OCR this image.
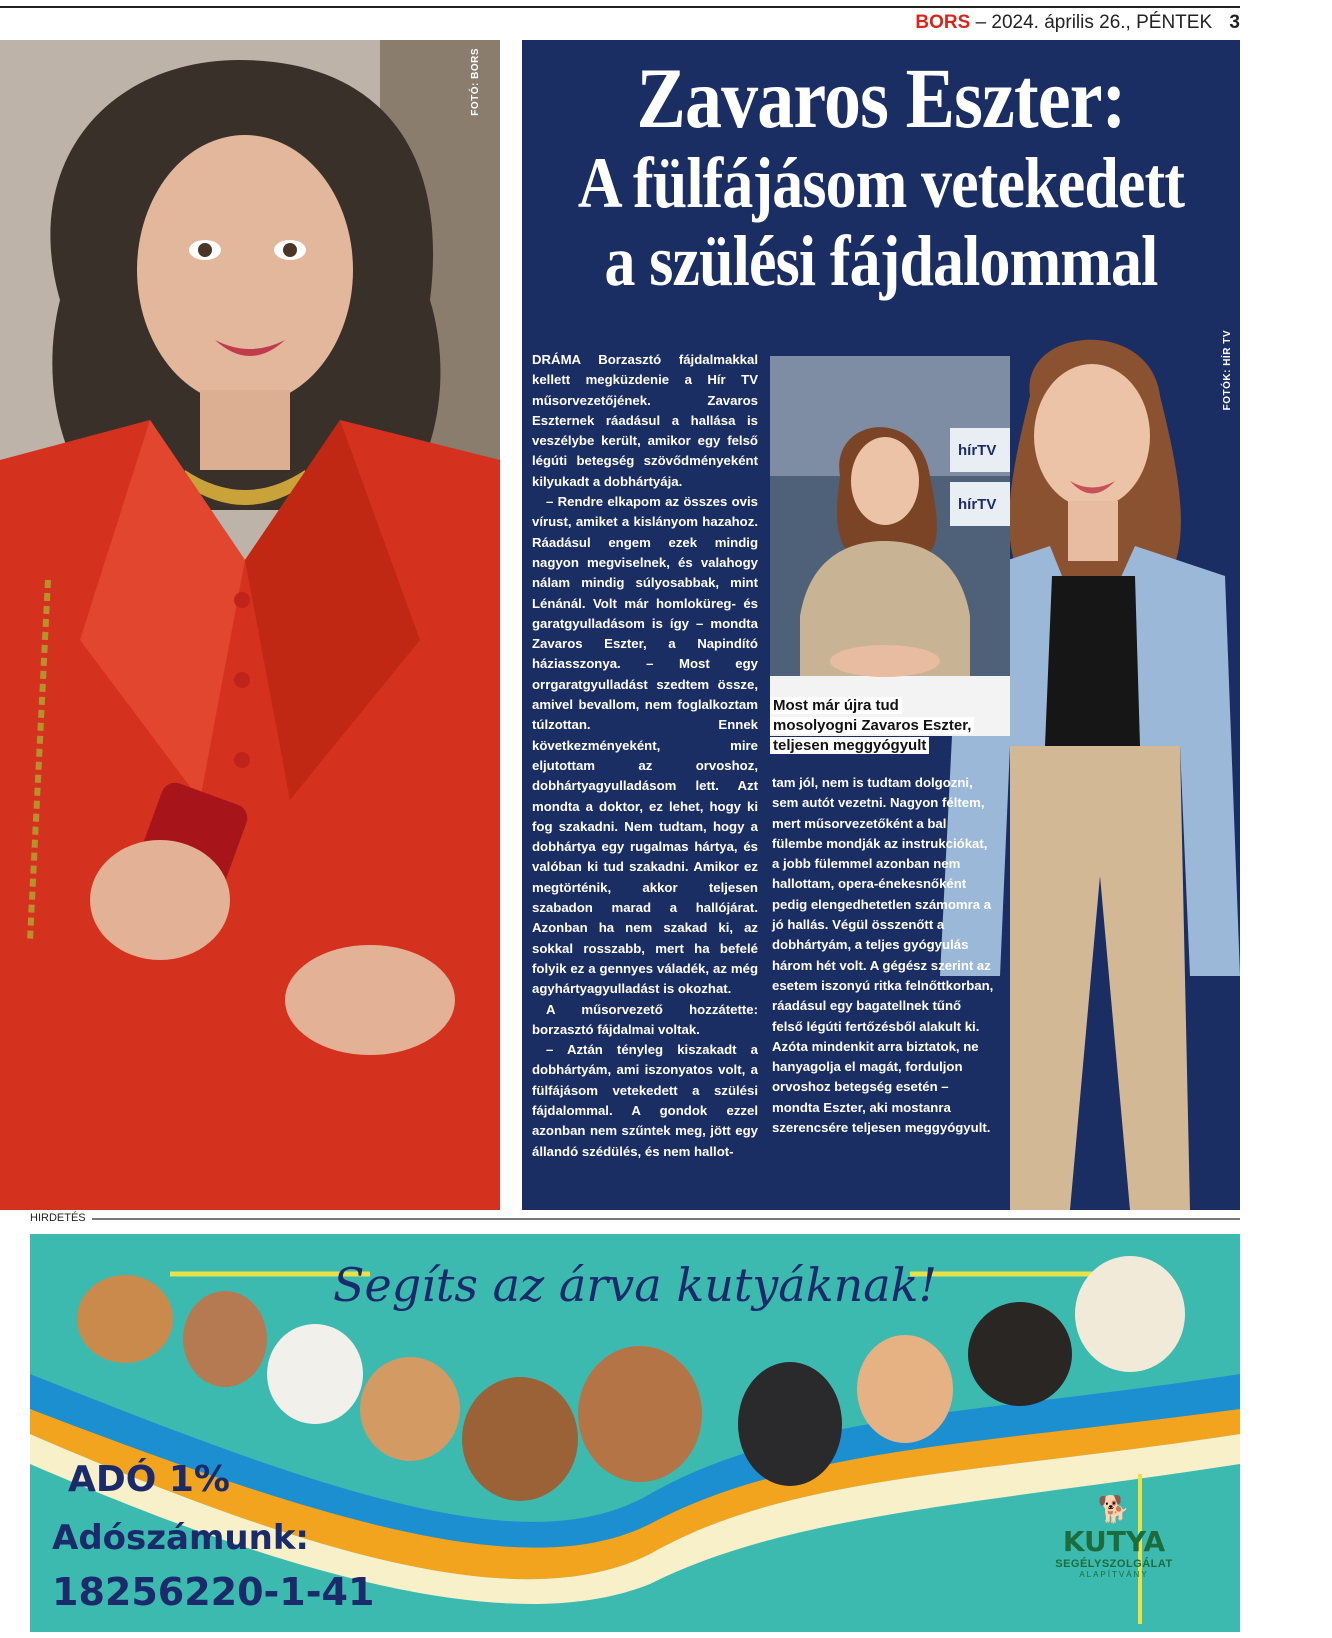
BORS – 2024. április 26., PÉNTEK 3
FOTÓ: BORS
hírTV
hírTV
Most már újra tud
mosolyogni Zavaros Eszter,
teljesen meggyógyult
Zavaros Eszter:
A fülfájásom vetekedett
a szülési fájdalommal
FOTÓK: HÍR TV

DRÁMA Borzasztó fájdalmakkal kellett megküzdenie a Hír TV műsorvezetőjének. Zavaros Eszternek ráadásul a hallása is veszélybe került, amikor egy felső légúti betegség szövődményeként kilyukadt a dobhártyája.

– Rendre elkapom az összes ovis vírust, amiket a kislányom hazahoz. Ráadásul engem ezek mindig nagyon megviselnek, és valahogy nálam mindig súlyosabbak, mint Lénánál. Volt már homloküreg- és garatgyulladásom is így – mondta Zavaros Eszter, a Napindító háziasszonya. – Most egy orrgaratgyulladást szedtem össze, amivel bevallom, nem foglalkoztam túlzottan. Ennek következményeként, mire eljutottam az orvoshoz, dobhártyagyulladásom lett. Azt mondta a doktor, ez lehet, hogy ki fog szakadni. Nem tudtam, hogy a dobhártya egy rugalmas hártya, és valóban ki tud szakadni. Amikor ez megtörténik, akkor teljesen szabadon marad a hallójárat. Azonban ha nem szakad ki, az sokkal rosszabb, mert ha befelé folyik ez a gennyes váladék, az még agyhártyagyulladást is okozhat.

A műsorvezető hozzátette: borzasztó fájdalmai voltak.

– Aztán tényleg kiszakadt a dobhártyám, ami iszonyatos volt, a fülfájásom vetekedett a szülési fájdalommal. A gondok ezzel azonban nem szűntek meg, jött egy állandó szédülés, és nem hallot-

tam jól, nem is tudtam dolgozni, sem autót vezetni. Nagyon féltem, mert műsorvezetőként a bal fülembe mondják az instrukciókat, a jobb fülemmel azonban nem hallottam, opera-énekesnőként pedig elengedhetetlen számomra a jó hallás. Végül összenőtt a dobhártyám, a teljes gyógyulás három hét volt. A gégész szerint az esetem iszonyú ritka felnőttkorban, ráadásul egy bagatellnek tűnő felső légúti fertőzésből alakult ki. Azóta mindenkit arra biztatok, ne hanyagolja el magát, forduljon orvoshoz betegség esetén – mondta Eszter, aki mostanra szerencsére teljesen meggyógyult.

HIRDETÉS
Segíts az árva kutyáknak!
ADÓ 1%
Adószámunk:
18256220-1-41
🐕
KUTYA
SEGÉLYSZOLGÁLAT
ALAPÍTVÁNY
